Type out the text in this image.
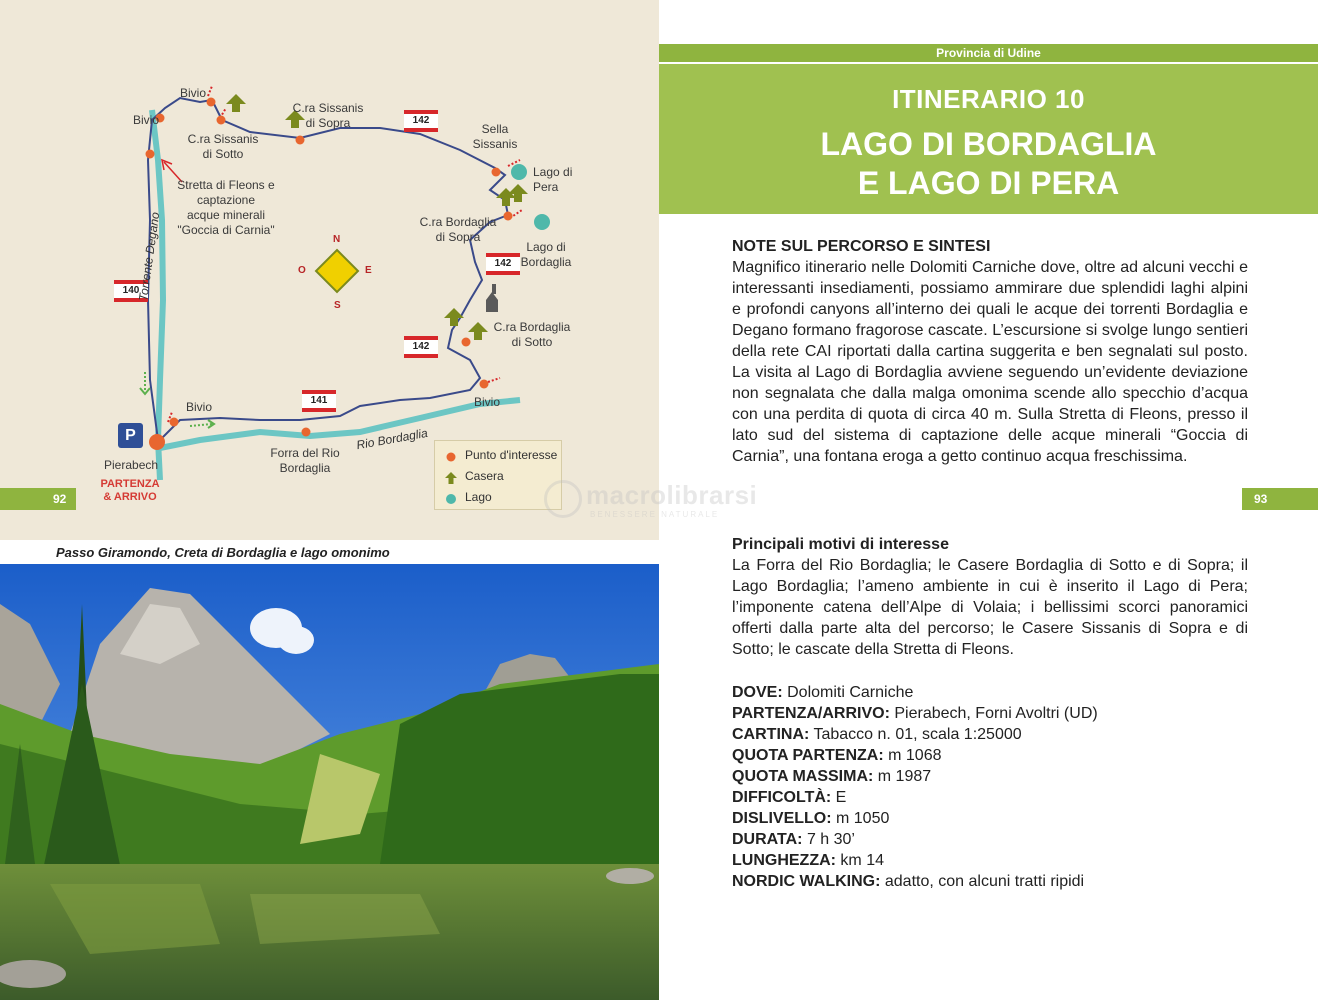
Bivio
Bivio
C.ra Sissanis
di Sotto
C.ra Sissanis
di Sopra	Sella
Sissanis
Lago di
Pera
C.ra Bordaglia
di Sopra
Lago di
Bordaglia
C.ra Bordaglia
di Sotto
Stretta di Fleons e
captazione
acque minerali
"Goccia di Carnia"
Bivio	Bivio
Pierabech
Forra del Rio
Bordaglia
142
142
142
140
141
Torrente Degano
Rio Bordaglia
N
S
E
O
P
PARTENZA
& ARRIVO
Punto d'interesse
Casera
Lago
92
Passo Giramondo, Creta di Bordaglia e lago omonimo
Provincia di Udine
ITINERARIO 10
LAGO DI BORDAGLIA
E LAGO DI PERA
93
NOTE SUL PERCORSO E SINTESI
Magnifico itinerario nelle Dolomiti Carniche dove, oltre ad alcuni vecchi e interessanti insediamenti, possiamo ammirare due splendidi laghi alpini e profondi canyons all’interno dei quali le acque dei torrenti Bordaglia e Degano formano fragorose cascate. L’escursione si svolge lungo sentieri della rete CAI riportati dalla cartina suggerita e ben segnalati sul posto. La visita al Lago di Bordaglia avviene seguendo un’evidente deviazione non segnalata che dalla malga omonima scende allo specchio d’acqua con una perdita di quota di circa 40 m. Sulla Stretta di Fleons, presso il lato sud del sistema di captazione delle acque minerali “Goccia di Carnia”, una fontana eroga a getto continuo acqua freschissima.
Principali motivi di interesse
La Forra del Rio Bordaglia; le Casere Bordaglia di Sotto e di Sopra; il Lago Bordaglia; l’ameno ambiente in cui è inserito il Lago di Pera; l’imponente catena dell’Alpe di Volaia; i bellissimi scorci panoramici offerti dalla parte alta del percorso; le Casere Sissanis di Sopra e di Sotto; le cascate della Stretta di Fleons.
DOVE: Dolomiti Carniche
PARTENZA/ARRIVO: Pierabech, Forni Avoltri (UD)
CARTINA: Tabacco n. 01, scala 1:25000
QUOTA PARTENZA: m 1068
QUOTA MASSIMA: m 1987
DIFFICOLTÀ: E
DISLIVELLO: m 1050
DURATA: 7 h 30’
LUNGHEZZA: km 14
NORDIC WALKING: adatto, con alcuni tratti ripidi
macrolibrarsi
BENESSERE NATURALE
